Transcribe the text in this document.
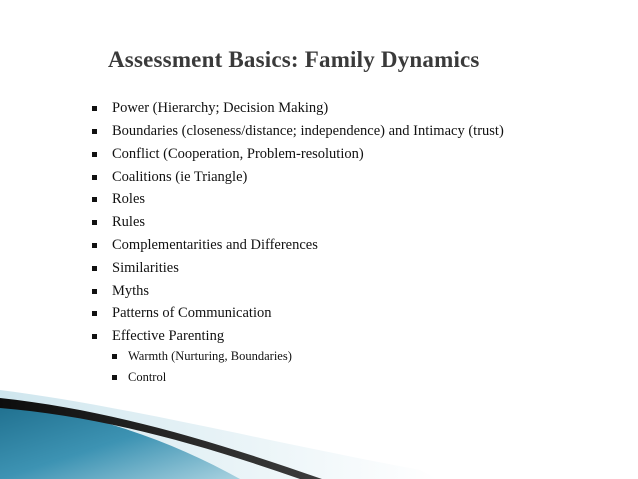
Assessment Basics: Family Dynamics
Power (Hierarchy; Decision Making)
Boundaries (closeness/distance; independence) and Intimacy (trust)
Conflict (Cooperation, Problem-resolution)
Coalitions (ie Triangle)
Roles
Rules
Complementarities and Differences
Similarities
Myths
Patterns of Communication
Effective Parenting
Warmth (Nurturing, Boundaries)
Control
